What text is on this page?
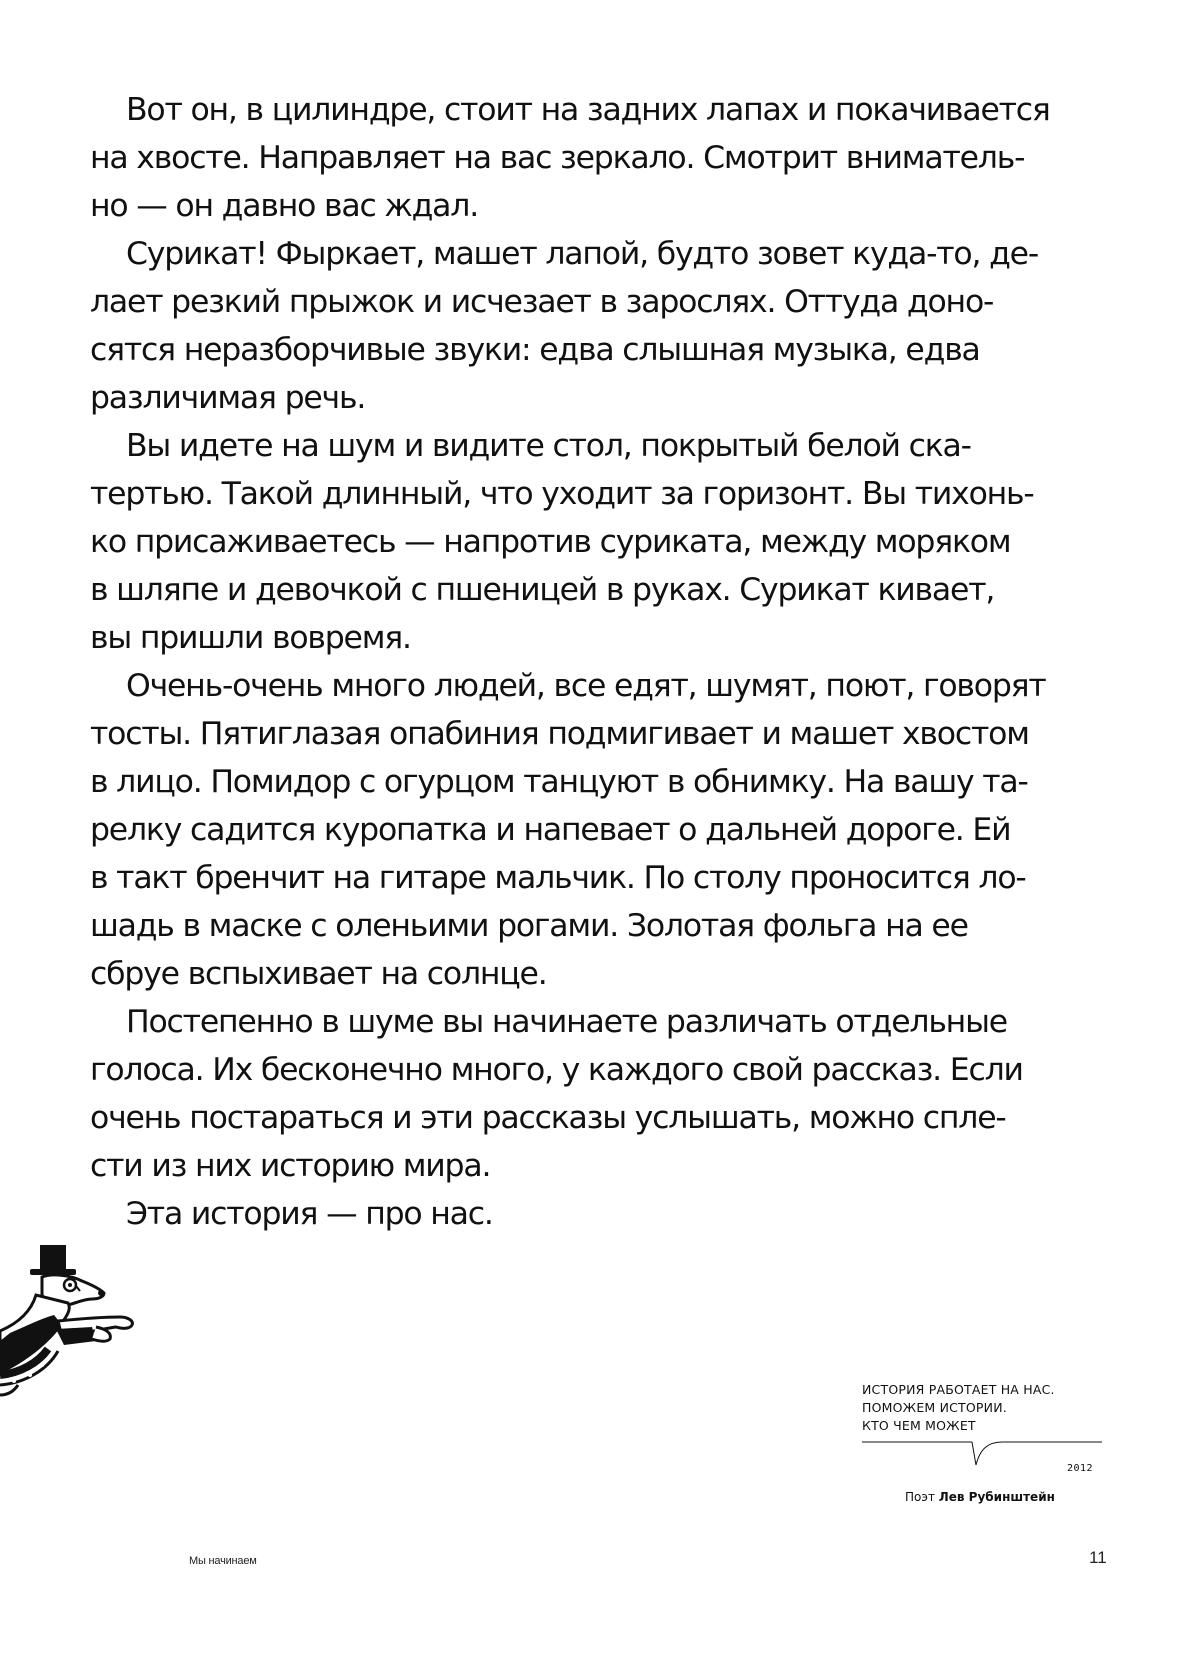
Вот он, в цилиндре, стоит на задних лапах и покачивается
на хвосте. Направляет на вас зеркало. Смотрит вниматель-
но — он давно вас ждал.

Сурикат! Фыркает, машет лапой, будто зовет куда-то, де-
лает резкий прыжок и исчезает в зарослях. Оттуда доно-
сятся неразборчивые звуки: едва слышная музыка, едва
различимая речь.

Вы идете на шум и видите стол, покрытый белой ска-
тертью. Такой длинный, что уходит за горизонт. Вы тихонь-
ко присаживаетесь — напротив суриката, между моряком
в шляпе и девочкой с пшеницей в руках. Сурикат кивает,
вы пришли вовремя.

Очень-очень много людей, все едят, шумят, поют, говорят
тосты. Пятиглазая опабиния подмигивает и машет хвостом
в лицо. Помидор с огурцом танцуют в обнимку. На вашу та-
релку садится куропатка и напевает о дальней дороге. Ей
в такт бренчит на гитаре мальчик. По столу проносится ло-
шадь в маске с оленьими рогами. Золотая фольга на ее
сбруе вспыхивает на солнце.

Постепенно в шуме вы начинаете различать отдельные
голоса. Их бесконечно много, у каждого свой рассказ. Если
очень постараться и эти рассказы услышать, можно спле-
сти из них историю мира.

Эта история — про нас.

ИСТОРИЯ РАБОТАЕТ НА НАС.
ПОМОЖЕМ ИСТОРИИ.
КТО ЧЕМ МОЖЕТ
2012
Поэт Лев Рубинштейн
Мы начинаем	11
